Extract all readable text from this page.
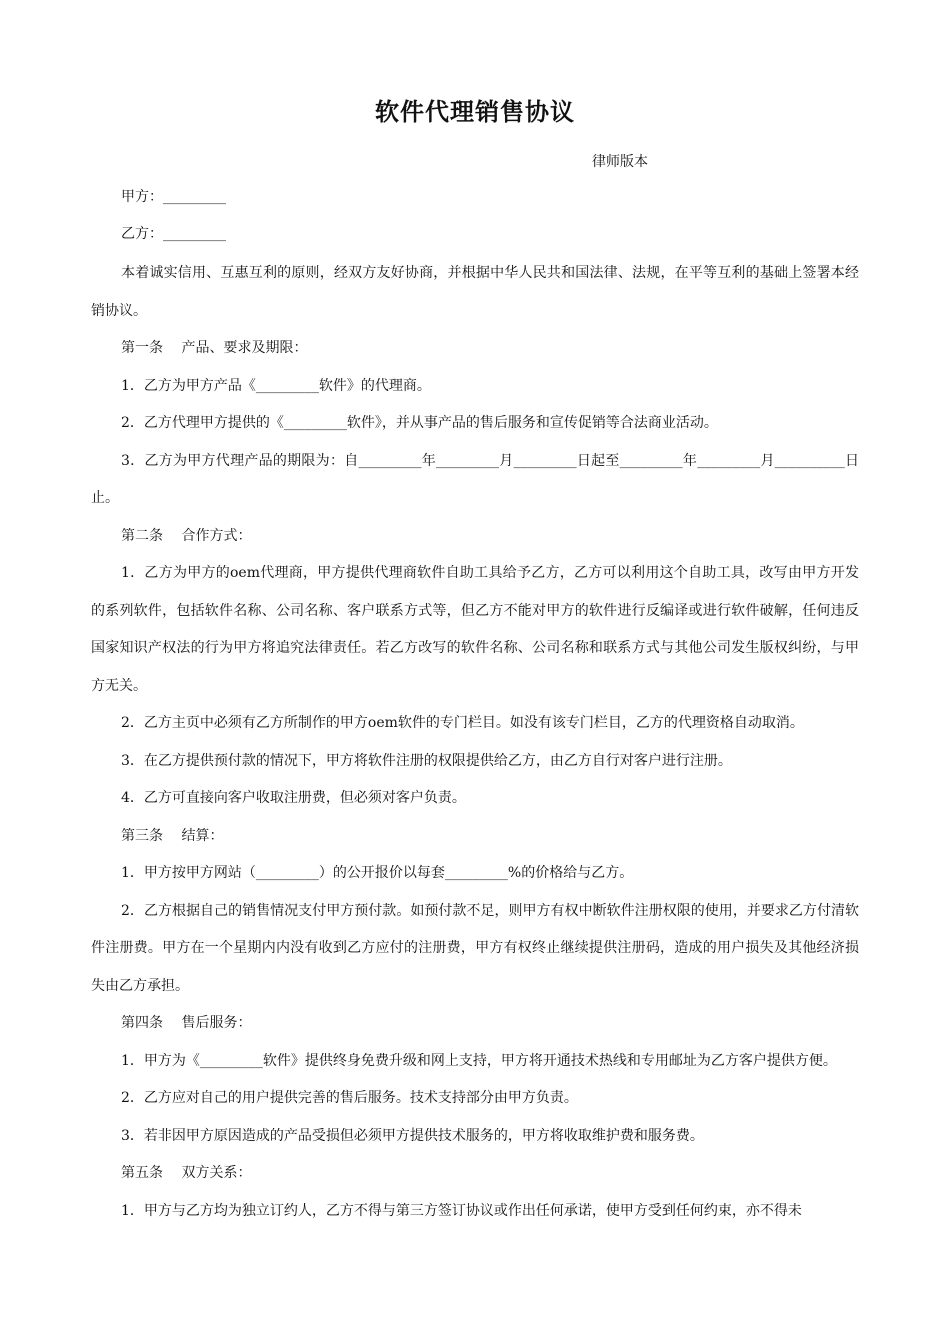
软件代理销售协议
律师版本
甲方：_________
乙方：_________

本着诚实信用、互惠互利的原则，经双方友好协商，并根据中华人民共和国法律、法规，在平等互利的基础上签署本经销协议。

第一条　 产品、要求及期限：

1．乙方为甲方产品《_________软件》的代理商。

2．乙方代理甲方提供的《_________软件》，并从事产品的售后服务和宣传促销等合法商业活动。

3．乙方为甲方代理产品的期限为：自_________年_________月_________日起至_________年_________月__________日止。

第二条　 合作方式：

1．乙方为甲方的oem代理商，甲方提供代理商软件自助工具给予乙方，乙方可以利用这个自助工具，改写由甲方开发的系列软件，包括软件名称、公司名称、客户联系方式等，但乙方不能对甲方的软件进行反编译或进行软件破解，任何违反国家知识产权法的行为甲方将追究法律责任。若乙方改写的软件名称、公司名称和联系方式与其他公司发生版权纠纷，与甲方无关。

2．乙方主页中必须有乙方所制作的甲方oem软件的专门栏目。如没有该专门栏目，乙方的代理资格自动取消。

3．在乙方提供预付款的情况下，甲方将软件注册的权限提供给乙方，由乙方自行对客户进行注册。

4．乙方可直接向客户收取注册费，但必须对客户负责。

第三条　 结算：

1．甲方按甲方网站（_________）的公开报价以每套_________%的价格给与乙方。

2．乙方根据自己的销售情况支付甲方预付款。如预付款不足，则甲方有权中断软件注册权限的使用，并要求乙方付清软件注册费。甲方在一个星期内内没有收到乙方应付的注册费，甲方有权终止继续提供注册码，造成的用户损失及其他经济损失由乙方承担。

第四条　 售后服务：

1．甲方为《_________软件》提供终身免费升级和网上支持，甲方将开通技术热线和专用邮址为乙方客户提供方便。

2．乙方应对自己的用户提供完善的售后服务。技术支持部分由甲方负责。

3．若非因甲方原因造成的产品受损但必须甲方提供技术服务的，甲方将收取维护费和服务费。

第五条　 双方关系：

1．甲方与乙方均为独立订约人，乙方不得与第三方签订协议或作出任何承诺，使甲方受到任何约束，亦不得未
